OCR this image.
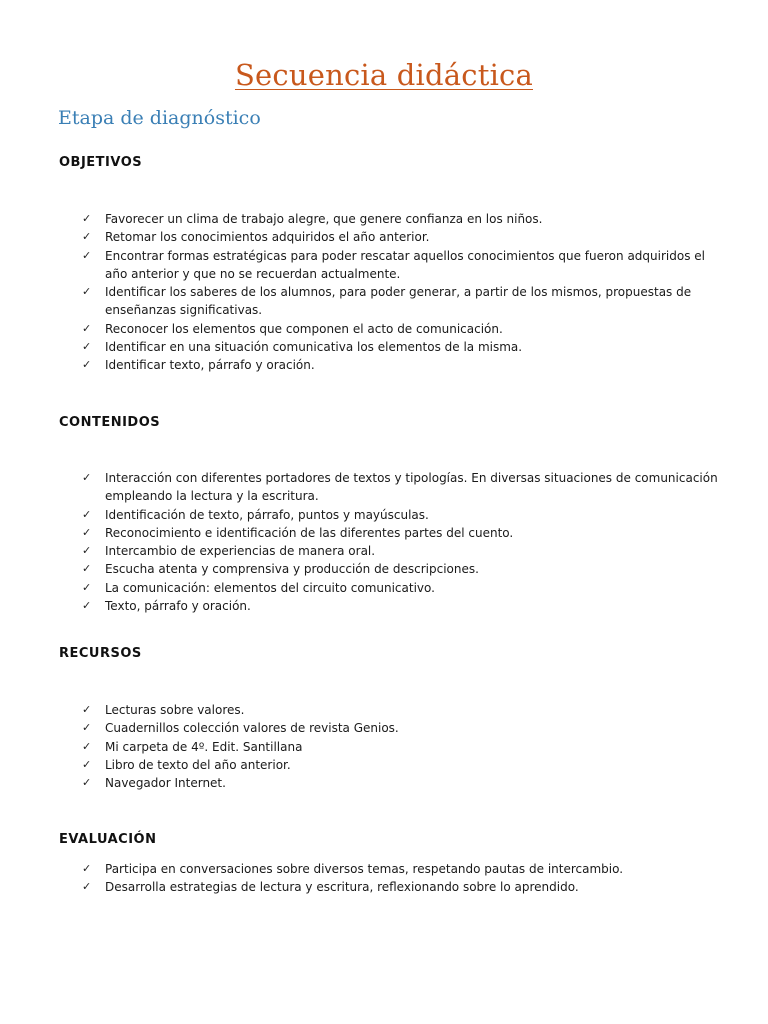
Secuencia didáctica
Etapa de diagnóstico
OBJETIVOS
✓ Favorecer un clima de trabajo alegre, que genere confianza en los niños.
✓ Retomar los conocimientos adquiridos el año anterior.
✓ Encontrar formas estratégicas para poder rescatar aquellos conocimientos que fueron adquiridos el año anterior y que no se recuerdan actualmente.
✓ Identificar los saberes de los alumnos, para poder generar, a partir de los mismos, propuestas de enseñanzas significativas.
✓ Reconocer los elementos que componen el acto de comunicación.
✓ Identificar en una situación comunicativa los elementos de la misma.
✓ Identificar texto, párrafo y oración.
CONTENIDOS
✓ Interacción con diferentes portadores de textos y tipologías. En diversas situaciones de comunicación empleando la lectura y la escritura.
✓ Identificación de texto, párrafo, puntos y mayúsculas.
✓ Reconocimiento e identificación de las diferentes partes del cuento.
✓ Intercambio de experiencias de manera oral.
✓ Escucha atenta y comprensiva y producción de descripciones.
✓ La comunicación: elementos del circuito comunicativo.
✓ Texto, párrafo y oración.
RECURSOS
✓ Lecturas sobre valores.
✓ Cuadernillos colección valores de revista Genios.
✓ Mi carpeta de 4º. Edit. Santillana
✓ Libro de texto del año anterior.
✓ Navegador Internet.
EVALUACIÓN
✓ Participa en conversaciones sobre diversos temas, respetando pautas de intercambio.
✓ Desarrolla estrategias de lectura y escritura, reflexionando sobre lo aprendido.
